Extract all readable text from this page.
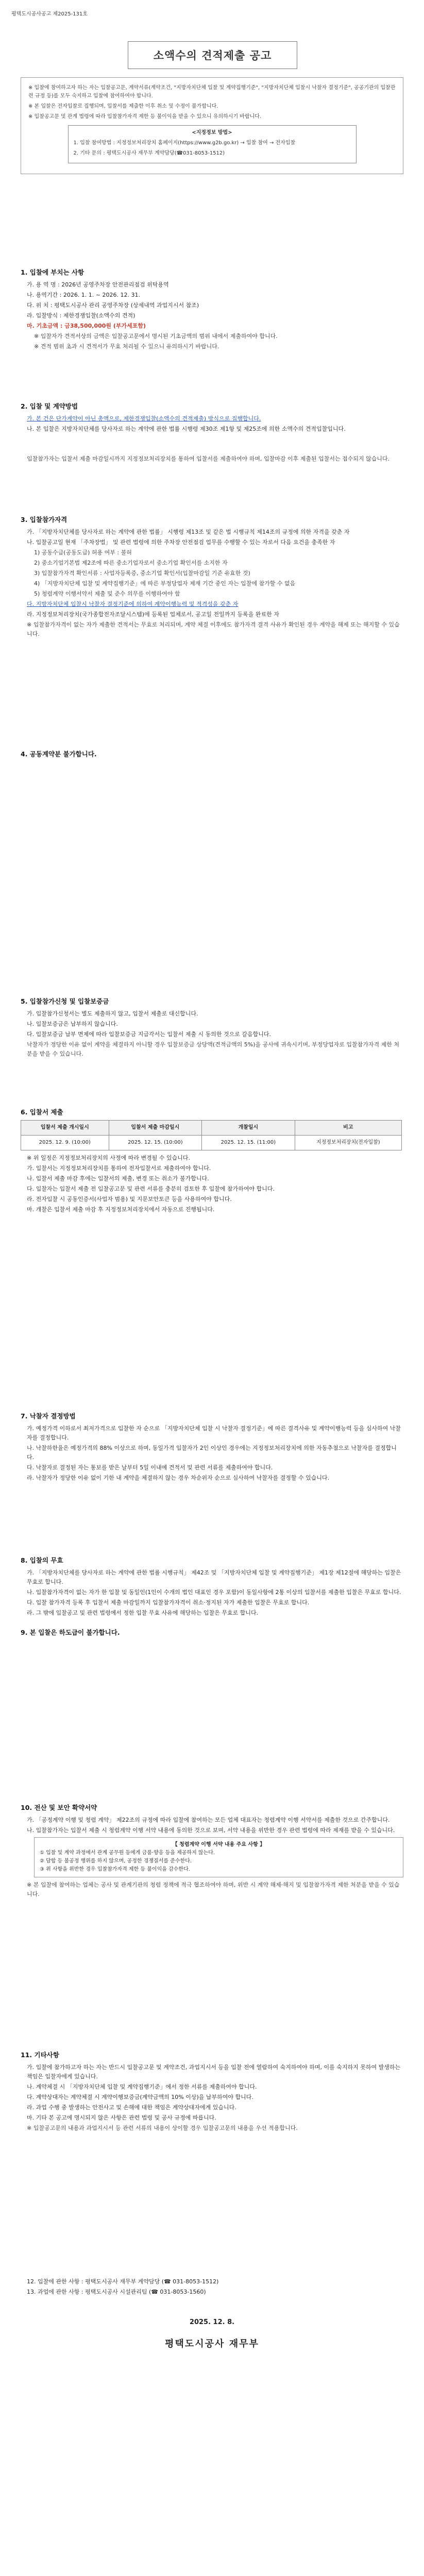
평택도시공사공고 제2025-131호
소액수의 견적제출 공고

※ 입찰에 참여하고자 하는 자는 입찰공고문, 계약서류(계약조건, "지방자치단체 입찰 및 계약집행기준", "지방자치단체 입찰시 낙찰자 결정기준", 공공기관의 입찰관련 규정 등)를 모두 숙지하고 입찰에 참여하여야 합니다.

※ 본 입찰은 전자입찰로 집행되며, 입찰서를 제출한 이후 취소 및 수정이 불가합니다.

※ 입찰공고문 및 관계 법령에 따라 입찰참가자격 제한 등 불이익을 받을 수 있으니 유의하시기 바랍니다.

<지정정보 방법>

1. 입찰 참여방법 : 지정정보처리장치 홈페이지(https://www.g2b.go.kr) → 입찰 참여 → 전자입찰

2. 기타 문의 : 평택도시공사 재무부 계약담당(☎031-8053-1512)

1. 입찰에 부치는 사항
가. 용 역 명 : 2026년 공영주차장 안전관리점검 위탁용역
나. 용역기간 : 2026. 1. 1. ~ 2026. 12. 31.
다. 위 치 : 평택도시공사 관리 공영주차장 (상세내역 과업지시서 참조)
라. 입찰방식 : 제한경쟁입찰(소액수의 견적)
마. 기초금액 : 금38,500,000원 (부가세포함)
※ 입찰자가 견적서상의 금액은 입찰공고문에서 명시된 기초금액의 범위 내에서 제출하여야 합니다.
※ 견적 범위 초과 시 견적서가 무효 처리될 수 있으니 유의하시기 바랍니다.
2. 입찰 및 계약방법
가. 본 건은 단가계약이 아닌 총액으로, 제한경쟁입찰(소액수의 견적제출) 방식으로 집행합니다.
나. 본 입찰은 지방자치단체를 당사자로 하는 계약에 관한 법률 시행령 제30조 제1항 및 제25조에 의한 소액수의 견적입찰입니다.
입찰참가자는 입찰서 제출 마감일시까지 지정정보처리장치를 통하여 입찰서를 제출하여야 하며, 입찰마감 이후 제출된 입찰서는 접수되지 않습니다.
3. 입찰참가자격
가. 「지방자치단체를 당사자로 하는 계약에 관한 법률」 시행령 제13조 및 같은 법 시행규칙 제14조의 규정에 의한 자격을 갖춘 자
나. 입찰공고일 현재 「주차장법」 및 관련 법령에 의한 주차장 안전점검 업무를 수행할 수 있는 자로서 다음 요건을 충족한 자
1) 공동수급(공동도급) 허용 여부 : 불허
2) 중소기업기본법 제2조에 따른 중소기업자로서 중소기업 확인서를 소지한 자
3) 입찰참가자격 확인서류 : 사업자등록증, 중소기업 확인서(입찰마감일 기준 유효한 것)
4) 「지방자치단체 입찰 및 계약집행기준」에 따른 부정당업자 제재 기간 중인 자는 입찰에 참가할 수 없음
5) 청렴계약 이행서약서 제출 및 준수 의무를 이행하여야 함
다. 지방자치단체 입찰시 낙찰자 결정기준에 의하여 계약이행능력 및 적격성을 갖춘 자
라. 지정정보처리장치(국가종합전자조달시스템)에 등록된 업체로서, 공고일 전일까지 등록을 완료한 자
※ 입찰참가자격이 없는 자가 제출한 견적서는 무효로 처리되며, 계약 체결 이후에도 참가자격 결격 사유가 확인된 경우 계약을 해제 또는 해지할 수 있습니다.
4. 공동계약분 불가합니다.
5. 입찰참가신청 및 입찰보증금
가. 입찰참가신청서는 별도 제출하지 않고, 입찰서 제출로 대신합니다.
나. 입찰보증금은 납부하지 않습니다.
다. 입찰보증금 납부 면제에 따라 입찰보증금 지급각서는 입찰서 제출 시 동의한 것으로 갈음합니다.
낙찰자가 정당한 이유 없이 계약을 체결하지 아니할 경우 입찰보증금 상당액(견적금액의 5%)을 공사에 귀속시키며, 부정당업자로 입찰참가자격 제한 처분을 받을 수 있습니다.
6. 입찰서 제출
입찰서 제출 개시일시	입찰서 제출 마감일시	개찰일시	비고
2025. 12. 9. (10:00)	2025. 12. 15. (10:00)	2025. 12. 15. (11:00)	지정정보처리장치(전자입찰)
※ 위 일정은 지정정보처리장치의 사정에 따라 변경될 수 있습니다.
가. 입찰서는 지정정보처리장치를 통하여 전자입찰서로 제출하여야 합니다.
나. 입찰서 제출 마감 후에는 입찰서의 제출, 변경 또는 취소가 불가합니다.
다. 입찰자는 입찰서 제출 전 입찰공고문 및 관련 서류를 충분히 검토한 후 입찰에 참가하여야 합니다.
라. 전자입찰 시 공동인증서(사업자 범용) 및 지문보안토큰 등을 사용하여야 합니다.
마. 개찰은 입찰서 제출 마감 후 지정정보처리장치에서 자동으로 진행됩니다.
7. 낙찰자 결정방법
가. 예정가격 이하로서 최저가격으로 입찰한 자 순으로 「지방자치단체 입찰 시 낙찰자 결정기준」에 따른 결격사유 및 계약이행능력 등을 심사하여 낙찰자를 결정합니다.
나. 낙찰하한율은 예정가격의 88% 이상으로 하며, 동일가격 입찰자가 2인 이상인 경우에는 지정정보처리장치에 의한 자동추첨으로 낙찰자를 결정합니다.
다. 낙찰자로 결정된 자는 통보를 받은 날부터 5일 이내에 견적서 및 관련 서류를 제출하여야 합니다.
라. 낙찰자가 정당한 이유 없이 기한 내 계약을 체결하지 않는 경우 차순위자 순으로 심사하여 낙찰자를 결정할 수 있습니다.
8. 입찰의 무효
가. 「지방자치단체를 당사자로 하는 계약에 관한 법률 시행규칙」 제42조 및 「지방자치단체 입찰 및 계약집행기준」 제1장 제12절에 해당하는 입찰은 무효로 합니다.
나. 입찰참가자격이 없는 자가 한 입찰 및 동일인(1인이 수개의 법인 대표인 경우 포함)이 동일사항에 2통 이상의 입찰서를 제출한 입찰은 무효로 합니다.
다. 입찰 참가자격 등록 후 입찰서 제출 마감일까지 입찰참가자격이 취소·정지된 자가 제출한 입찰은 무효로 합니다.
라. 그 밖에 입찰공고 및 관련 법령에서 정한 입찰 무효 사유에 해당하는 입찰은 무효로 합니다.
9. 본 입찰은 하도급이 불가합니다.
10. 전산 및 보안 확약서약
가. 「공정계약 이행 및 청렴 계약」 제22조의 규정에 따라 입찰에 참여하는 모든 업체 대표자는 청렴계약 이행 서약서를 제출한 것으로 간주합니다.
나. 입찰참가자는 입찰서 제출 시 청렴계약 이행 서약 내용에 동의한 것으로 보며, 서약 내용을 위반한 경우 관련 법령에 따라 제재를 받을 수 있습니다.
【 청렴계약 이행 서약 내용 주요 사항 】
① 입찰 및 계약 과정에서 관계 공무원 등에게 금품·향응 등을 제공하지 않는다.
② 담합 등 불공정 행위를 하지 않으며, 공정한 경쟁질서를 준수한다.
③ 위 사항을 위반한 경우 입찰참가자격 제한 등 불이익을 감수한다.
※ 본 입찰에 참여하는 업체는 공사 및 관계기관의 청렴 정책에 적극 협조하여야 하며, 위반 시 계약 해제·해지 및 입찰참가자격 제한 처분을 받을 수 있습니다.
11. 기타사항
가. 입찰에 참가하고자 하는 자는 반드시 입찰공고문 및 계약조건, 과업지시서 등을 입찰 전에 열람하여 숙지하여야 하며, 이를 숙지하지 못하여 발생하는 책임은 입찰자에게 있습니다.
나. 계약체결 시 「지방자치단체 입찰 및 계약집행기준」에서 정한 서류를 제출하여야 합니다.
다. 계약상대자는 계약체결 시 계약이행보증금(계약금액의 10% 이상)을 납부하여야 합니다.
라. 과업 수행 중 발생하는 안전사고 및 손해에 대한 책임은 계약상대자에게 있습니다.
마. 기타 본 공고에 명시되지 않은 사항은 관련 법령 및 공사 규정에 따릅니다.
※ 입찰공고문의 내용과 과업지시서 등 관련 서류의 내용이 상이할 경우 입찰공고문의 내용을 우선 적용합니다.
12. 입찰에 관한 사항 : 평택도시공사 재무부 계약담당 (☎ 031-8053-1512)
13. 과업에 관한 사항 : 평택도시공사 시설관리팀 (☎ 031-8053-1560)
2025. 12. 8.
평택도시공사 재무부
